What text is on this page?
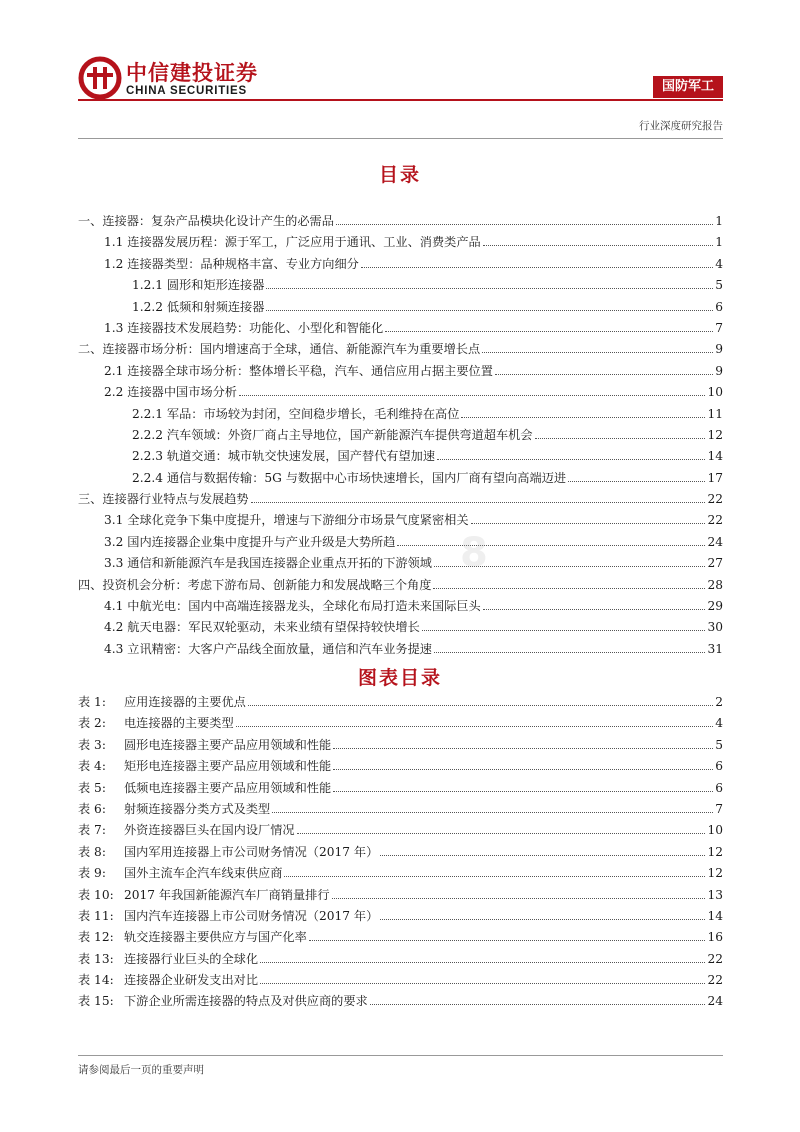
中信建投证券
CHINA SECURITIES	国防军工
行业深度研究报告
目录
一、连接器：复杂产品模块化设计产生的必需品	1
1.1 连接器发展历程：源于军工，广泛应用于通讯、工业、消费类产品	1
1.2 连接器类型：品种规格丰富、专业方向细分	4
1.2.1 圆形和矩形连接器	5
1.2.2 低频和射频连接器	6
1.3 连接器技术发展趋势：功能化、小型化和智能化	7
二、连接器市场分析：国内增速高于全球，通信、新能源汽车为重要增长点	9
2.1 连接器全球市场分析：整体增长平稳，汽车、通信应用占据主要位置	9
2.2 连接器中国市场分析	10
2.2.1 军品：市场较为封闭，空间稳步增长，毛利维持在高位	11
2.2.2 汽车领域：外资厂商占主导地位，国产新能源汽车提供弯道超车机会	12
2.2.3 轨道交通：城市轨交快速发展，国产替代有望加速	14
2.2.4 通信与数据传输：5G 与数据中心市场快速增长，国内厂商有望向高端迈进	17
三、连接器行业特点与发展趋势	22
3.1 全球化竞争下集中度提升，增速与下游细分市场景气度紧密相关	22
3.2 国内连接器企业集中度提升与产业升级是大势所趋	24
3.3 通信和新能源汽车是我国连接器企业重点开拓的下游领域	27
四、投资机会分析：考虑下游布局、创新能力和发展战略三个角度	28
4.1 中航光电：国内中高端连接器龙头，全球化布局打造未来国际巨头	29
4.2 航天电器：军民双轮驱动，未来业绩有望保持较快增长	30
4.3 立讯精密：大客户产品线全面放量，通信和汽车业务提速	31
8
图表目录
表 1: 应用连接器的主要优点	2
表 2: 电连接器的主要类型	4
表 3: 圆形电连接器主要产品应用领域和性能	5
表 4: 矩形电连接器主要产品应用领域和性能	6
表 5: 低频电连接器主要产品应用领域和性能	6
表 6: 射频连接器分类方式及类型	7
表 7: 外资连接器巨头在国内设厂情况	10
表 8: 国内军用连接器上市公司财务情况（2017 年）	12
表 9: 国外主流车企汽车线束供应商	12
表 10: 2017 年我国新能源汽车厂商销量排行	13
表 11: 国内汽车连接器上市公司财务情况（2017 年）	14
表 12: 轨交连接器主要供应方与国产化率	16
表 13: 连接器行业巨头的全球化	22
表 14: 连接器企业研发支出对比	22
表 15: 下游企业所需连接器的特点及对供应商的要求	24
请参阅最后一页的重要声明
